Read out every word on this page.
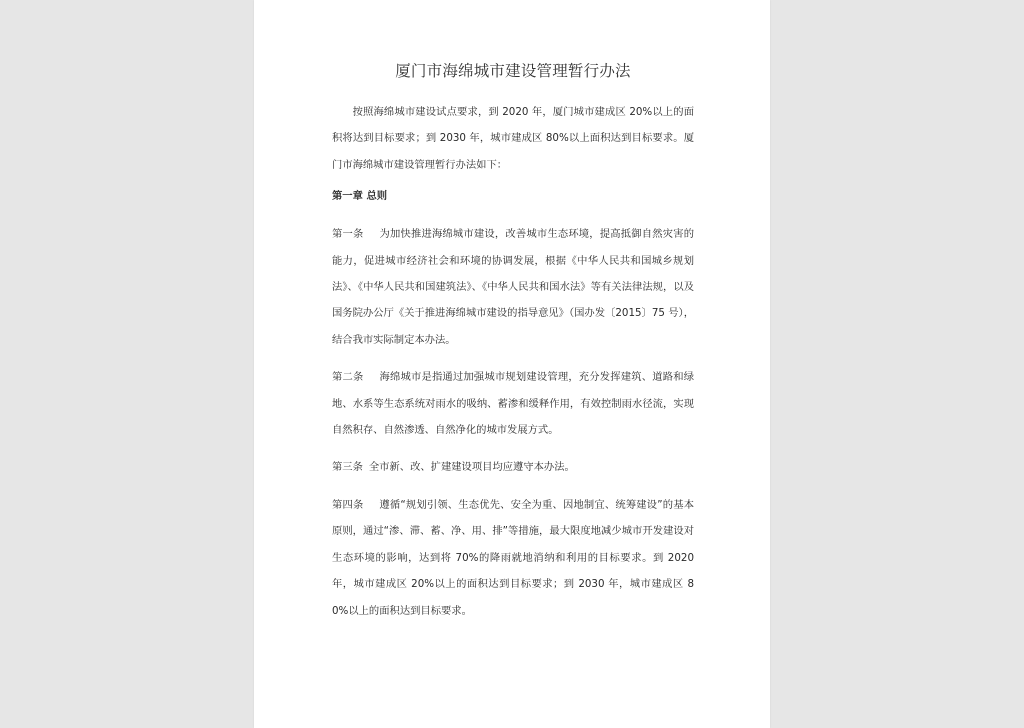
厦门市海绵城市建设管理暂行办法

按照海绵城市建设试点要求，到 2020 年，厦门城市建成区 20%以上的面积将达到目标要求；到 2030 年，城市建成区 80%以上面积达到目标要求。厦门市海绵城市建设管理暂行办法如下：

第一章 总则

第一条 为加快推进海绵城市建设，改善城市生态环境，提高抵御自然灾害的能力，促进城市经济社会和环境的协调发展，根据《中华人民共和国城乡规划法》、《中华人民共和国建筑法》、《中华人民共和国水法》等有关法律法规，以及国务院办公厅《关于推进海绵城市建设的指导意见》（国办发〔2015〕75 号），结合我市实际制定本办法。

第二条 海绵城市是指通过加强城市规划建设管理，充分发挥建筑、道路和绿地、水系等生态系统对雨水的吸纳、蓄渗和缓释作用，有效控制雨水径流，实现自然积存、自然渗透、自然净化的城市发展方式。

第三条 全市新、改、扩建建设项目均应遵守本办法。

第四条 遵循“规划引领、生态优先、安全为重、因地制宜、统筹建设”的基本原则，通过“渗、滞、蓄、净、用、排”等措施，最大限度地减少城市开发建设对生态环境的影响，达到将 70%的降雨就地消纳和利用的目标要求。到 2020 年，城市建成区 20%以上的面积达到目标要求；到 2030 年，城市建成区 80%以上的面积达到目标要求。
